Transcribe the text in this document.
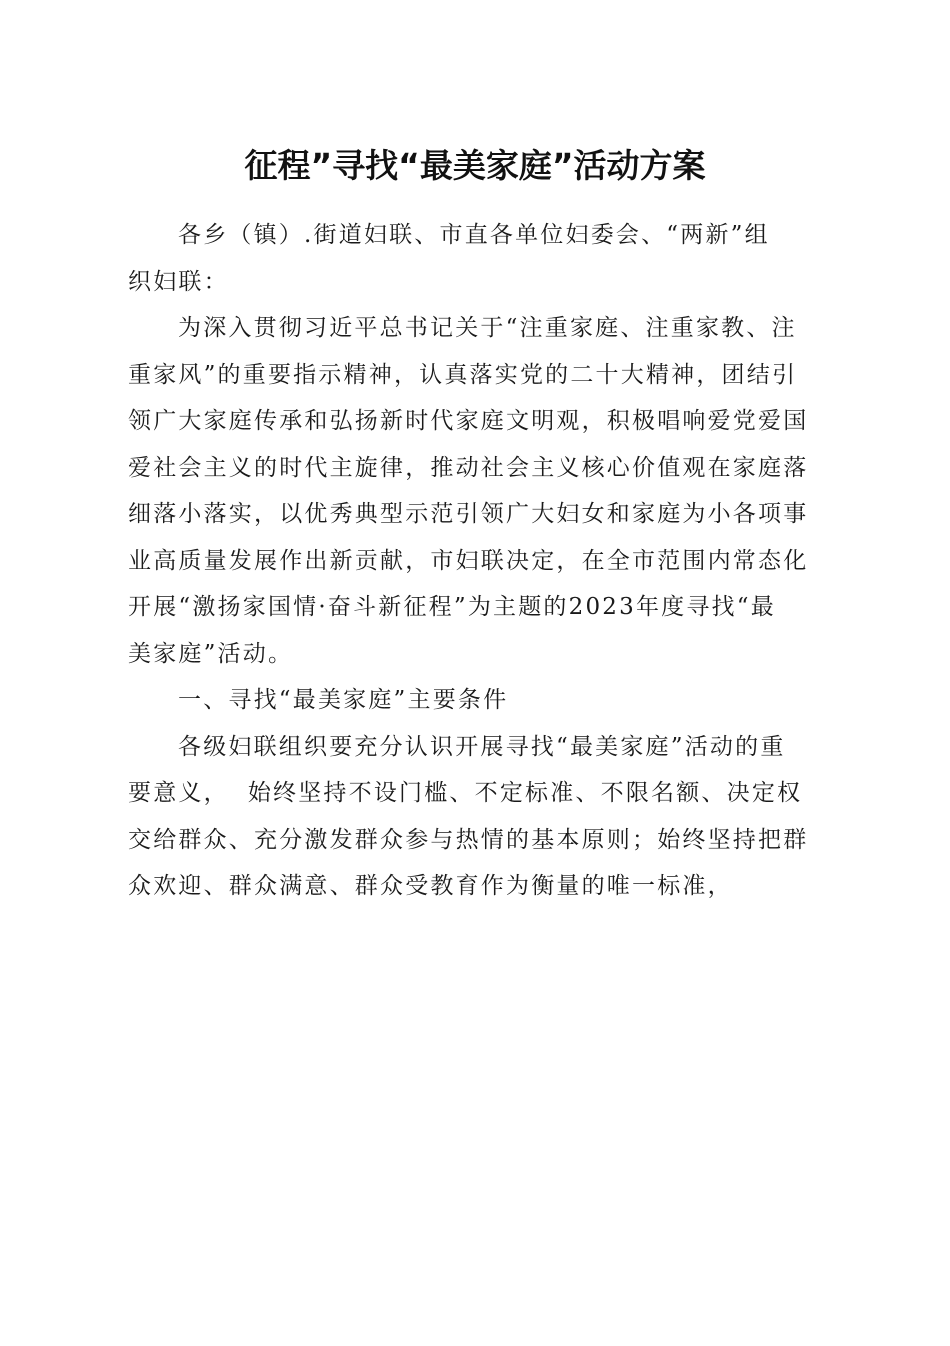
征程”寻找“最美家庭”活动方案
各乡（镇）.街道妇联、市直各单位妇委会、“两新”组
织妇联：
为深入贯彻习近平总书记关于“注重家庭、注重家教、注
重家风”的重要指示精神，认真落实党的二十大精神，团结引
领广大家庭传承和弘扬新时代家庭文明观，积极唱响爱党爱国
爱社会主义的时代主旋律，推动社会主义核心价值观在家庭落
细落小落实，以优秀典型示范引领广大妇女和家庭为小各项事
业高质量发展作出新贡献，市妇联决定，在全市范围内常态化
开展“激扬家国情·奋斗新征程”为主题的2023年度寻找“最
美家庭”活动。
一、寻找“最美家庭”主要条件
各级妇联组织要充分认识开展寻找“最美家庭”活动的重
要意义，  始终坚持不设门槛、不定标准、不限名额、决定权
交给群众、充分激发群众参与热情的基本原则；始终坚持把群
众欢迎、群众满意、群众受教育作为衡量的唯一标准，
